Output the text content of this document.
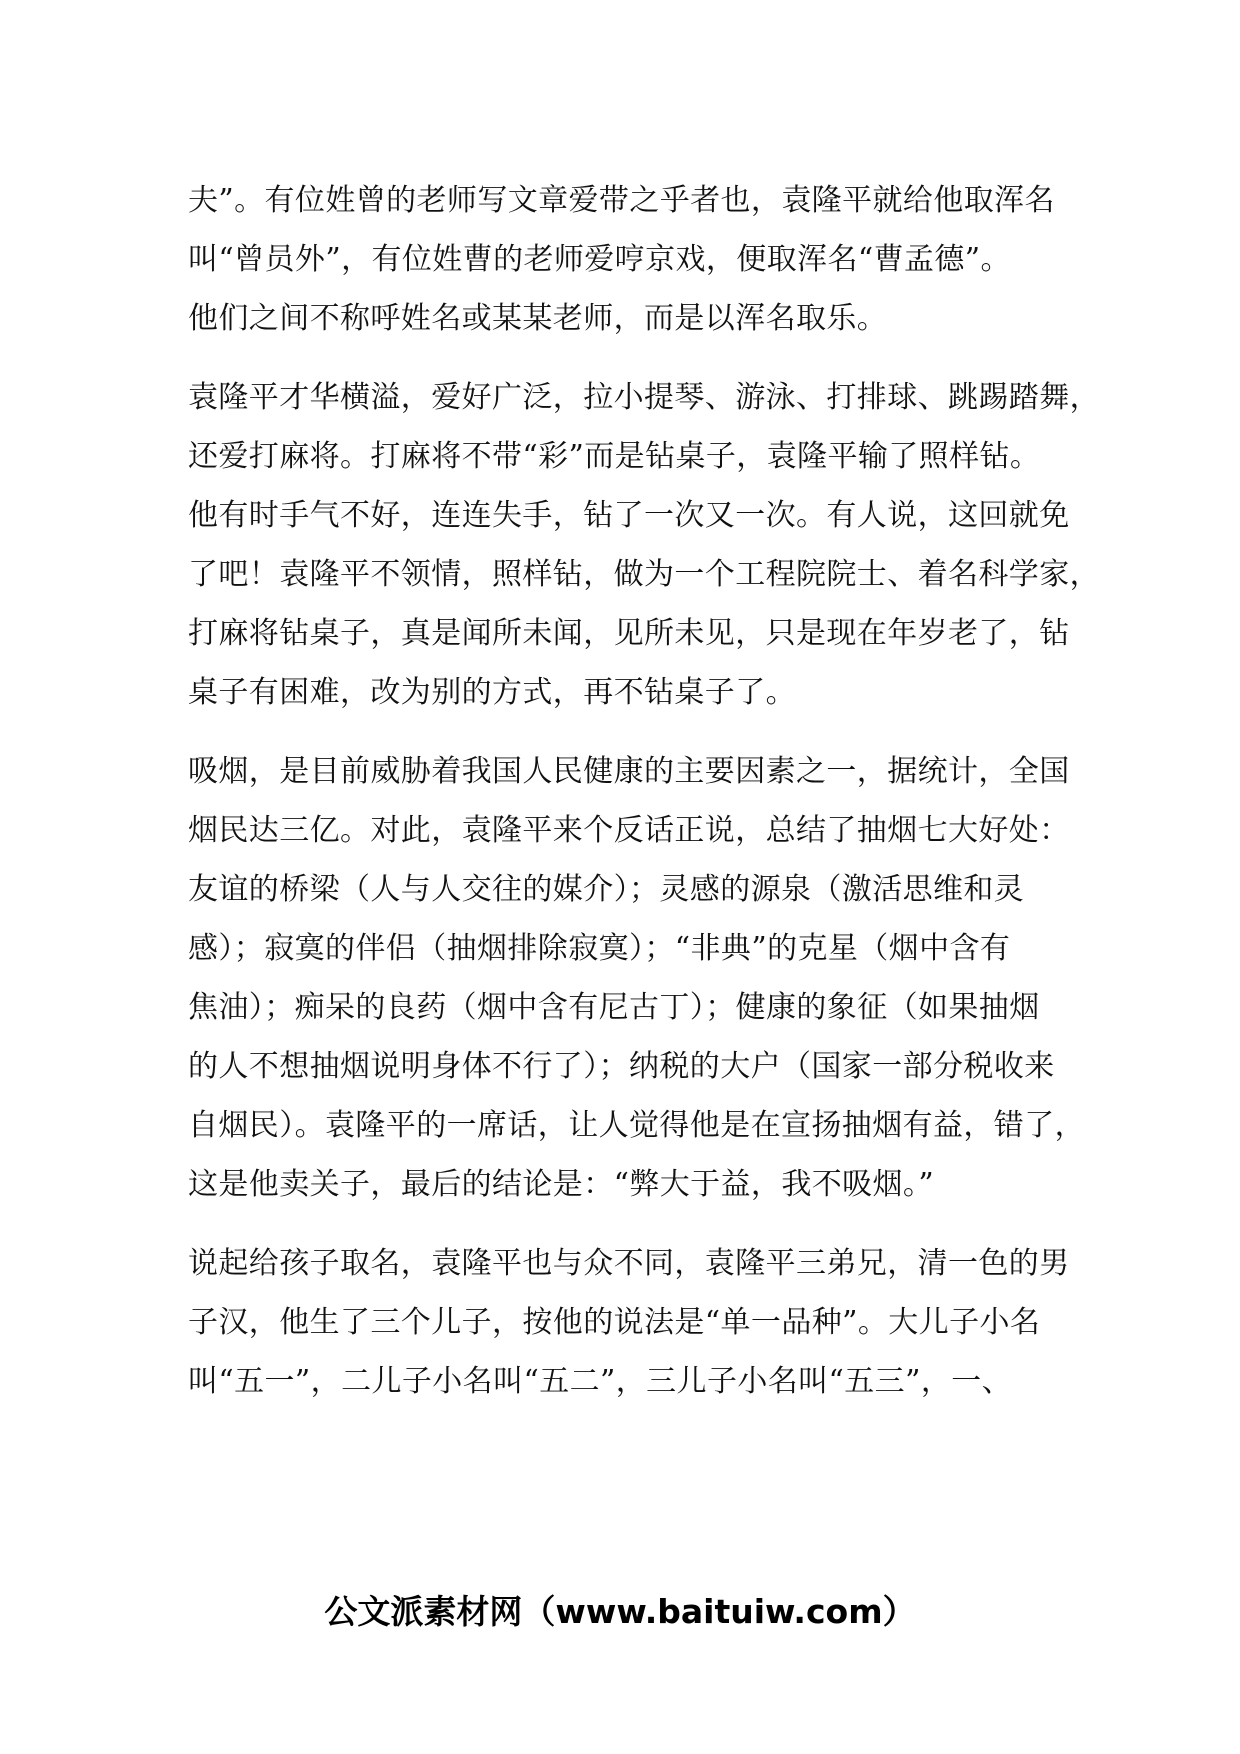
夫”。有位姓曾的老师写文章爱带之乎者也，袁隆平就给他取浑名
叫“曾员外”，有位姓曹的老师爱哼京戏，便取浑名“曹孟德”。
他们之间不称呼姓名或某某老师，而是以浑名取乐。
袁隆平才华横溢，爱好广泛，拉小提琴、游泳、打排球、跳踢踏舞，
还爱打麻将。打麻将不带“彩”而是钻桌子，袁隆平输了照样钻。
他有时手气不好，连连失手，钻了一次又一次。有人说，这回就免
了吧！袁隆平不领情，照样钻，做为一个工程院院士、着名科学家，
打麻将钻桌子，真是闻所未闻，见所未见，只是现在年岁老了，钻
桌子有困难，改为别的方式，再不钻桌子了。
吸烟，是目前威胁着我国人民健康的主要因素之一，据统计，全国
烟民达三亿。对此，袁隆平来个反话正说，总结了抽烟七大好处：
友谊的桥梁（人与人交往的媒介）；灵感的源泉（激活思维和灵
感）；寂寞的伴侣（抽烟排除寂寞）；“非典”的克星（烟中含有
焦油）；痴呆的良药（烟中含有尼古丁）；健康的象征（如果抽烟
的人不想抽烟说明身体不行了）；纳税的大户（国家一部分税收来
自烟民）。袁隆平的一席话，让人觉得他是在宣扬抽烟有益，错了，
这是他卖关子，最后的结论是：“弊大于益，我不吸烟。”
说起给孩子取名，袁隆平也与众不同，袁隆平三弟兄，清一色的男
子汉，他生了三个儿子，按他的说法是“单一品种”。大儿子小名
叫“五一”，二儿子小名叫“五二”，三儿子小名叫“五三”，一、
公文派素材网（www.baituiw.com）
